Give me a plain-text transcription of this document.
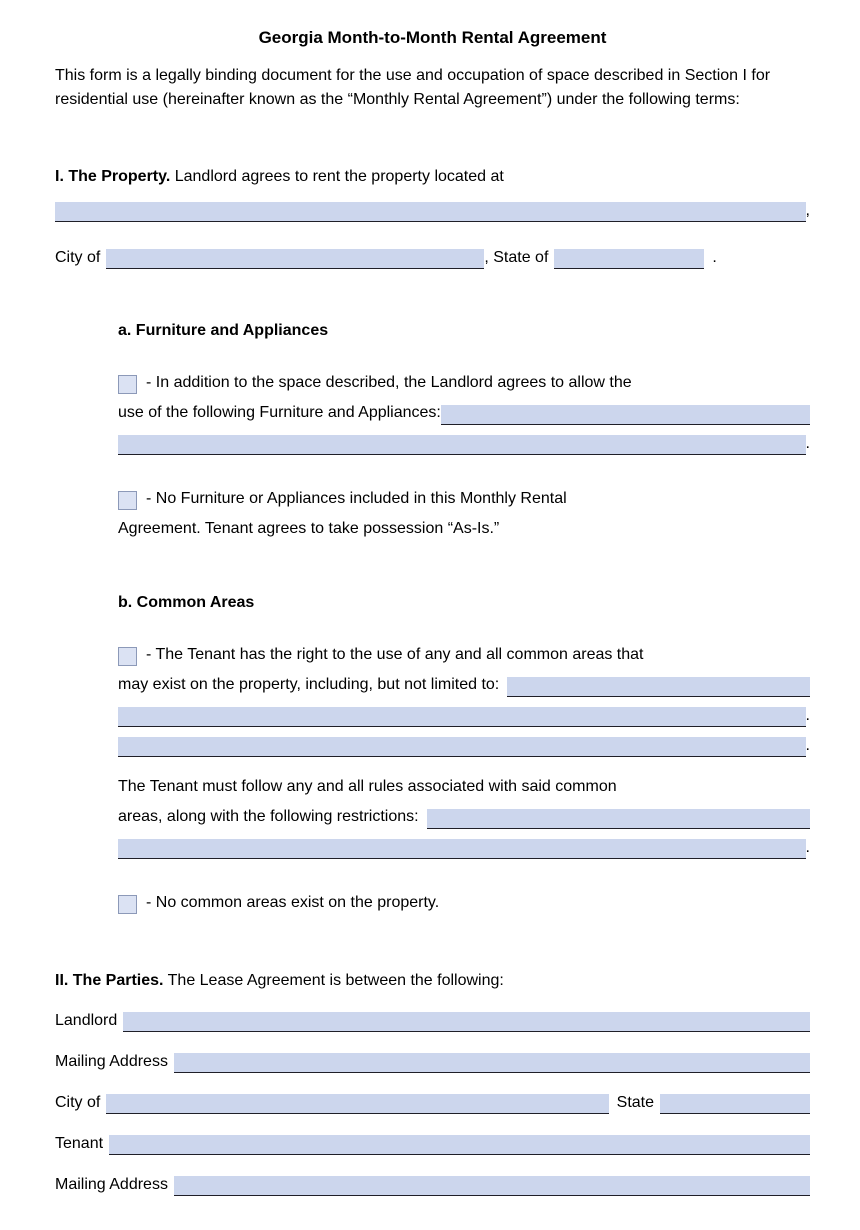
Georgia Month-to-Month Rental Agreement

This form is a legally binding document for the use and occupation of space described in Section I for residential use (hereinafter known as the “Monthly Rental Agreement”) under the following terms:

I. The Property. Landlord agrees to rent the property located at
,
City of	, State of	.
a. Furniture and Appliances
- In addition to the space described, the Landlord agrees to allow the
use of the following Furniture and Appliances:
.
- No Furniture or Appliances included in this Monthly Rental
Agreement. Tenant agrees to take possession “As-Is.”
b. Common Areas
- The Tenant has the right to the use of any and all common areas that
may exist on the property, including, but not limited to:
.
.
The Tenant must follow any and all rules associated with said common
areas, along with the following restrictions:
.
- No common areas exist on the property.
II. The Parties. The Lease Agreement is between the following:
Landlord
Mailing Address
City of	State
Tenant
Mailing Address
